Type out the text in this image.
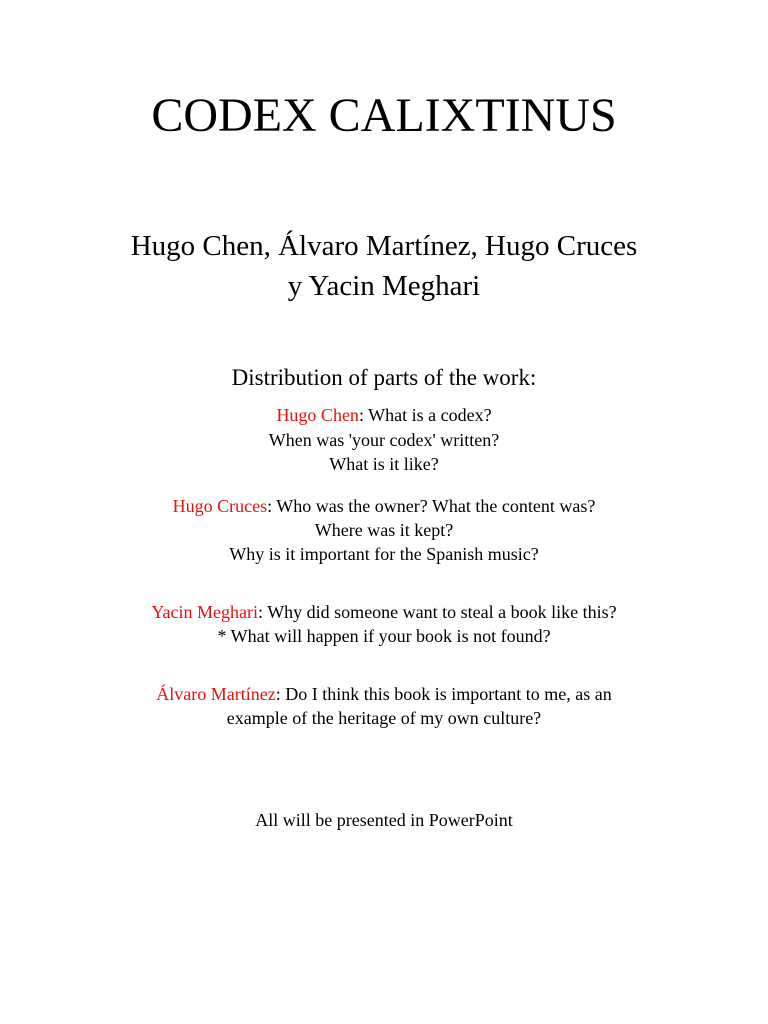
CODEX CALIXTINUS
Hugo Chen, Álvaro Martínez, Hugo Cruces
y Yacin Meghari
Distribution of parts of the work:
Hugo Chen: What is a codex?
When was 'your codex' written?
What is it like?
Hugo Cruces: Who was the owner? What the content was?
Where was it kept?
Why is it important for the Spanish music?
Yacin Meghari: Why did someone want to steal a book like this?
* What will happen if your book is not found?
Álvaro Martínez: Do I think this book is important to me, as an
example of the heritage of my own culture?
All will be presented in PowerPoint
